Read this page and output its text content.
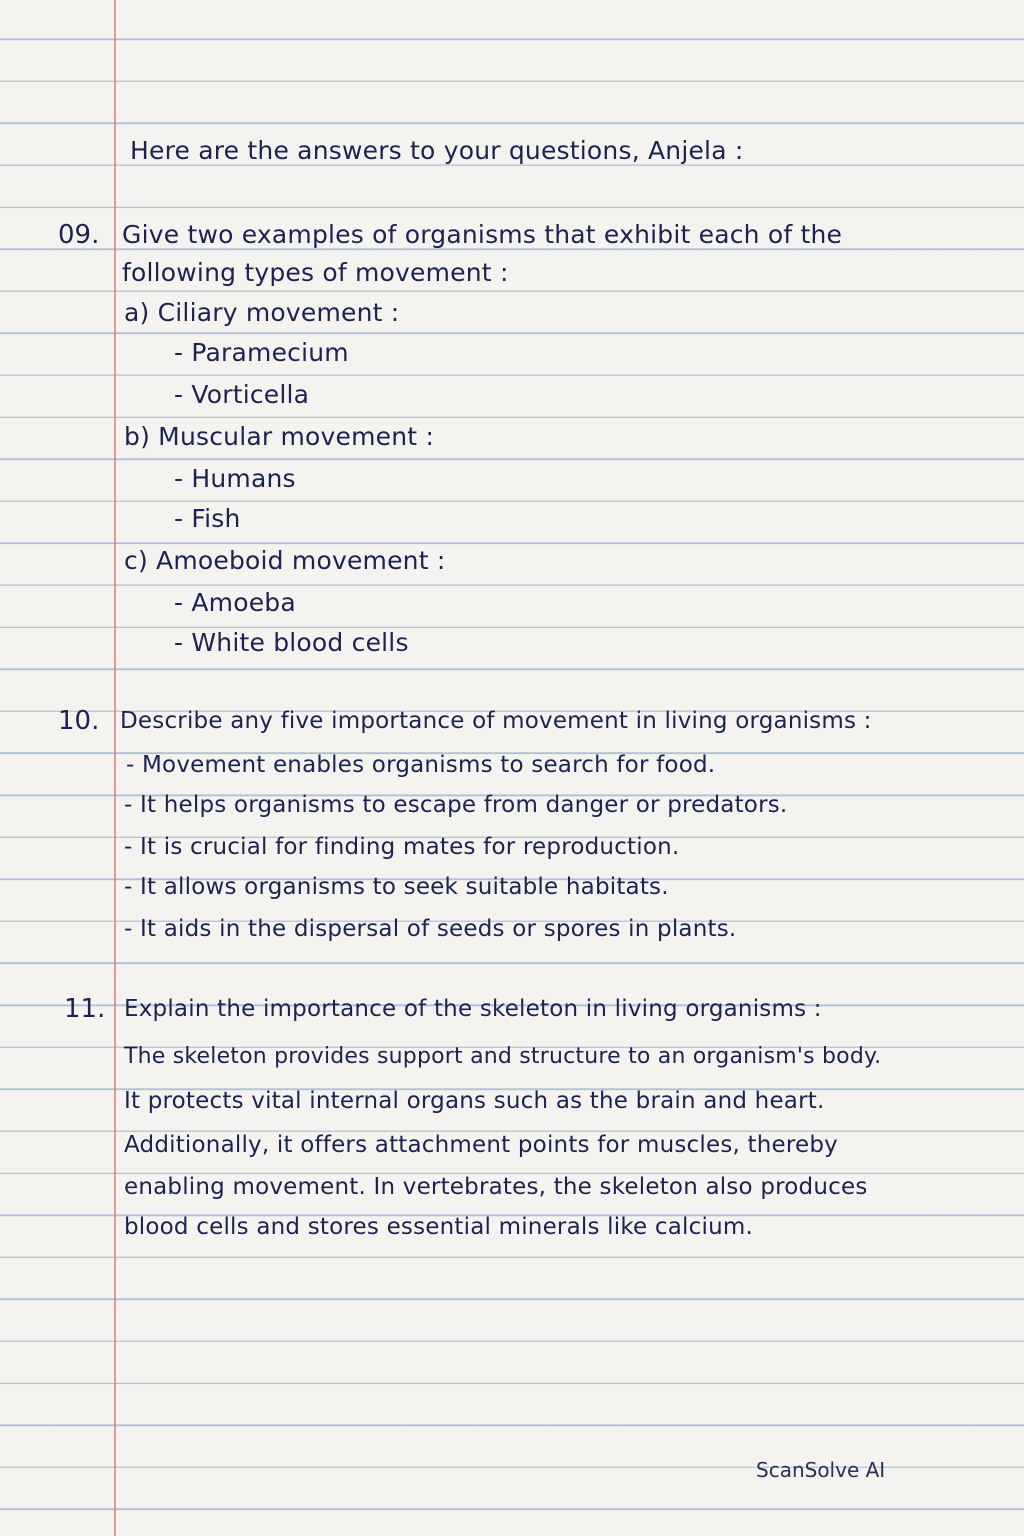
Here are the answers to your questions, Anjela :
09. Give two examples of organisms that exhibit each of the
following types of movement :
a) Ciliary movement :
- Paramecium
- Vorticella
b) Muscular movement :
- Humans
- Fish
c) Amoeboid movement :
- Amoeba
- White blood cells
10. Describe any five importance of movement in living organisms :
- Movement enables organisms to search for food.
- It helps organisms to escape from danger or predators.
- It is crucial for finding mates for reproduction.
- It allows organisms to seek suitable habitats.
- It aids in the dispersal of seeds or spores in plants.
11. Explain the importance of the skeleton in living organisms :
The skeleton provides support and structure to an organism's body.
It protects vital internal organs such as the brain and heart.
Additionally, it offers attachment points for muscles, thereby
enabling movement. In vertebrates, the skeleton also produces
blood cells and stores essential minerals like calcium.
ScanSolve AI
